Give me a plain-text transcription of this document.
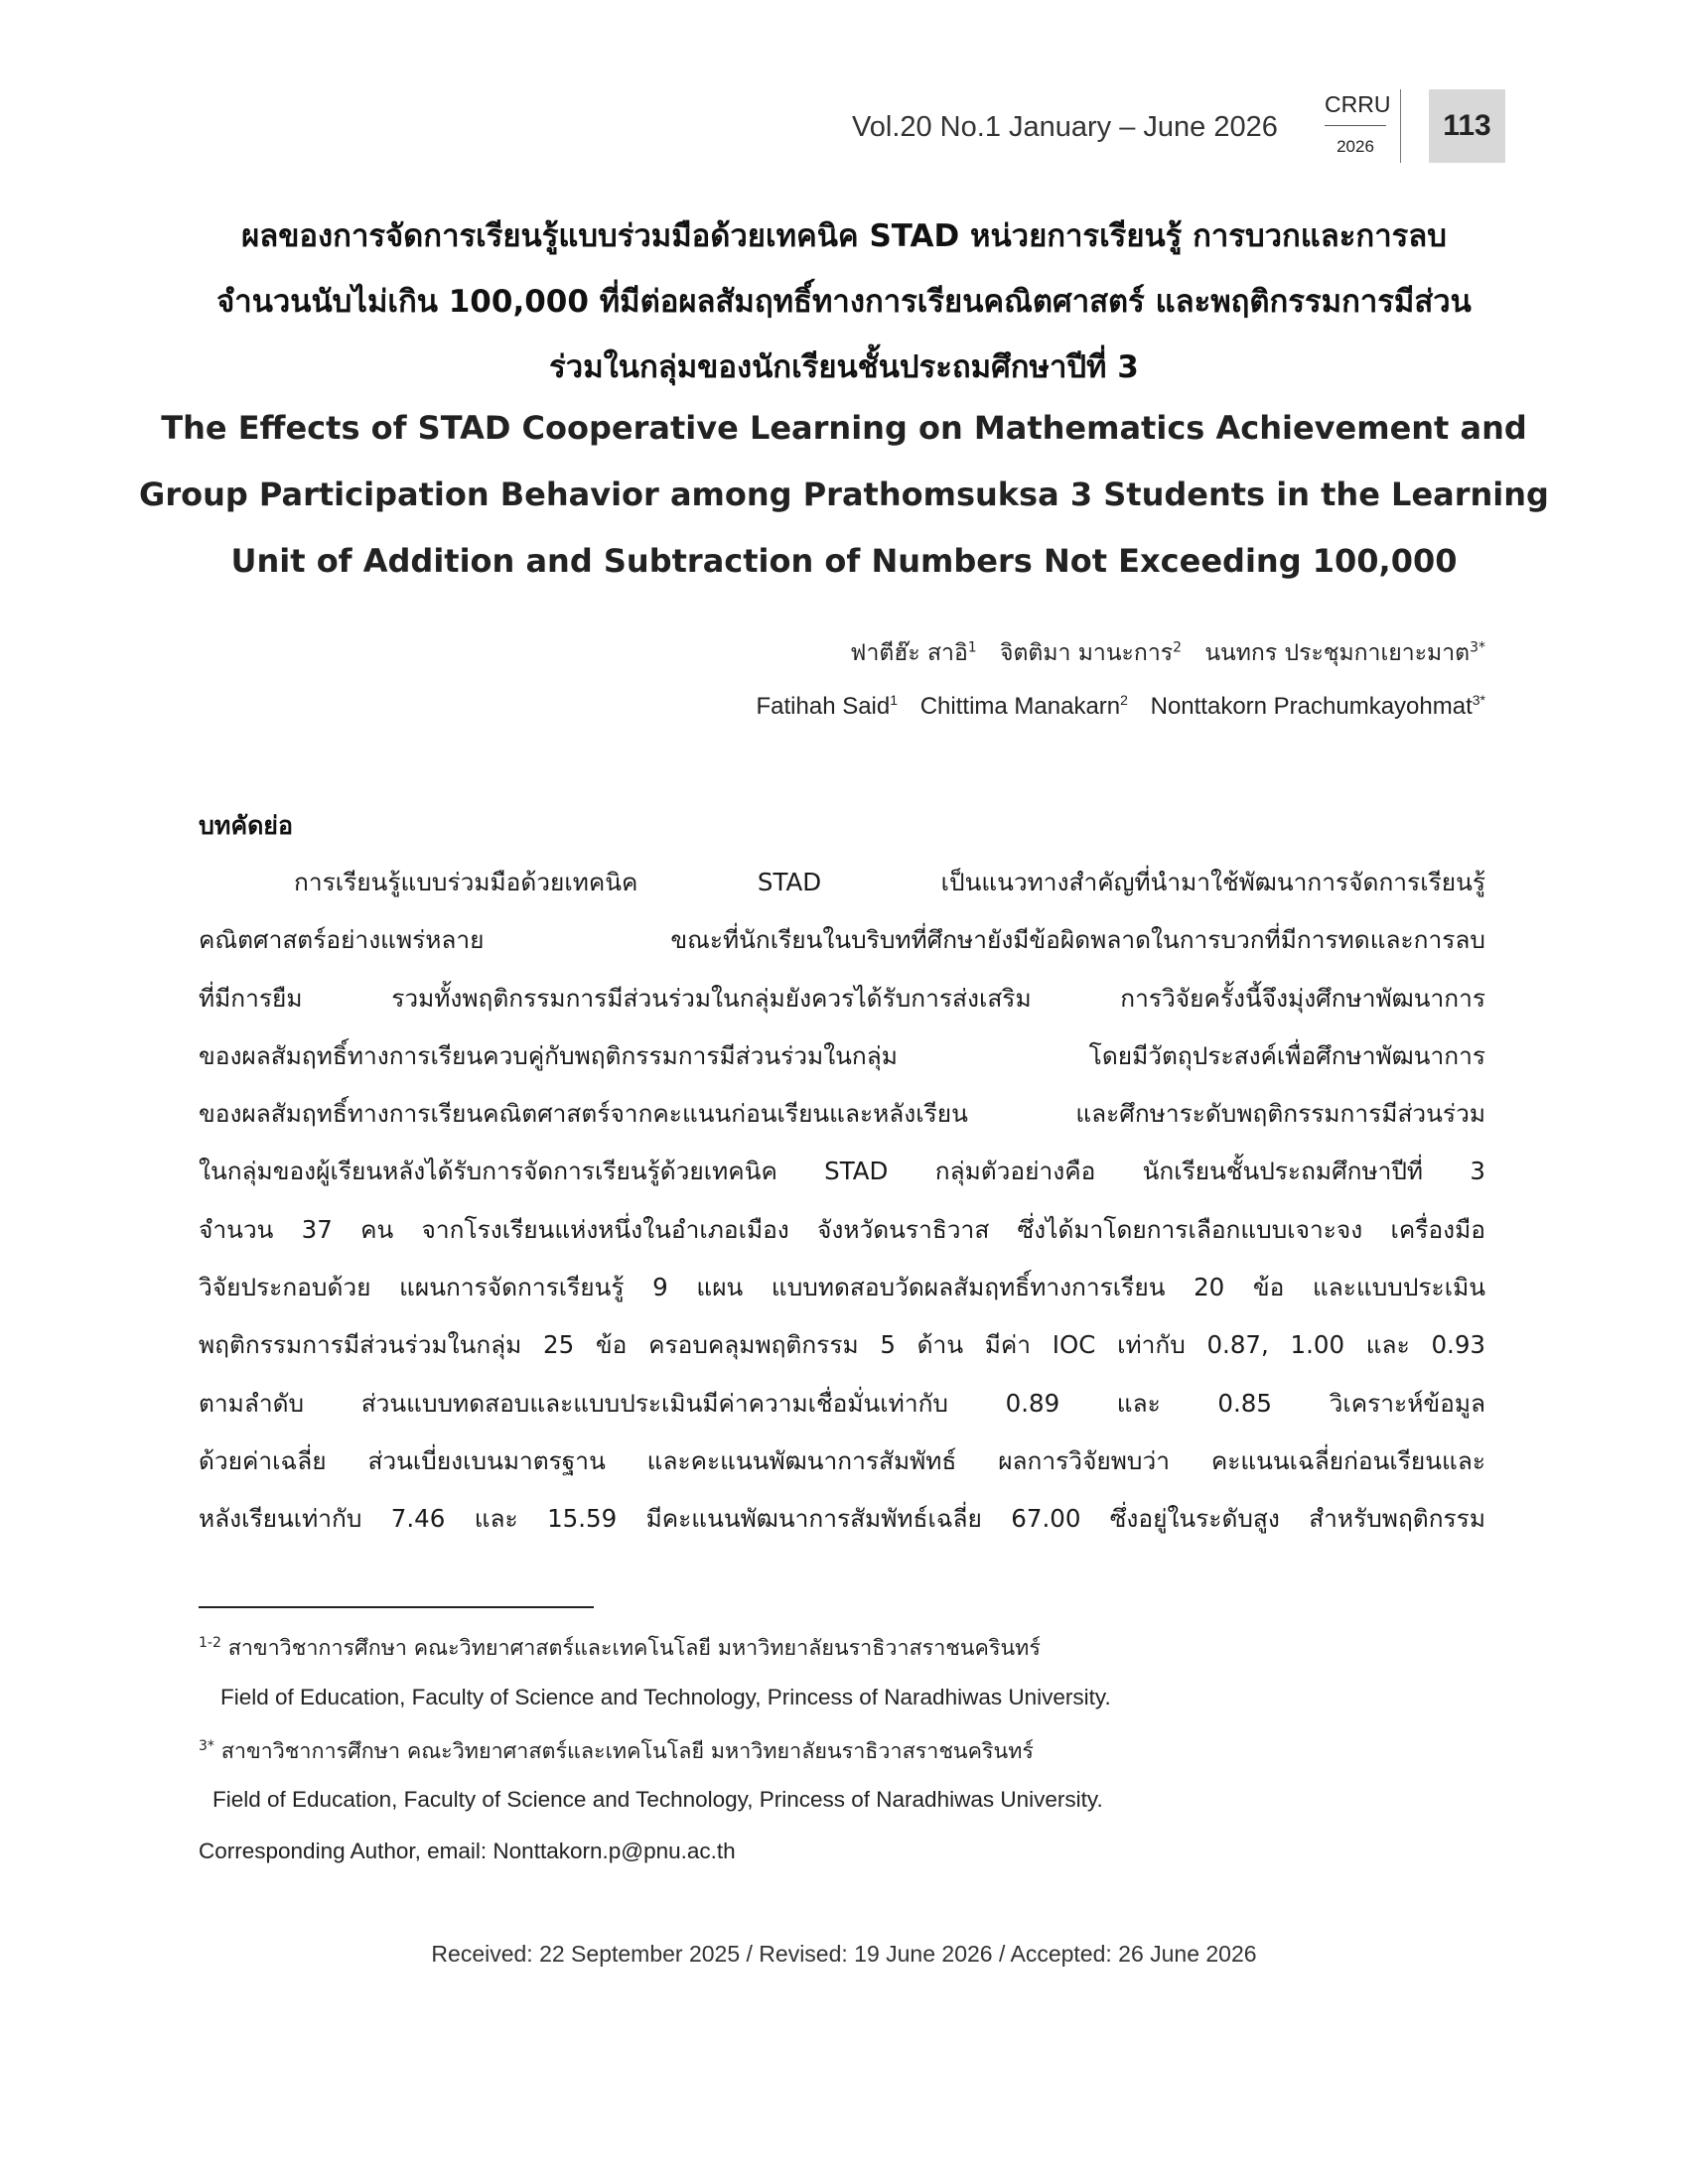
Vol.20 No.1 January – June 2026
CRRU
2026
113
ผลของการจัดการเรียนรู้แบบร่วมมือด้วยเทคนิค STAD หน่วยการเรียนรู้ การบวกและการลบ
จำนวนนับไม่เกิน 100,000 ที่มีต่อผลสัมฤทธิ์ทางการเรียนคณิตศาสตร์ และพฤติกรรมการมีส่วน
ร่วมในกลุ่มของนักเรียนชั้นประถมศึกษาปีที่ 3
The Effects of STAD Cooperative Learning on Mathematics Achievement and
Group Participation Behavior among Prathomsuksa 3 Students in the Learning
Unit of Addition and Subtraction of Numbers Not Exceeding 100,000
ฟาตีฮ๊ะ สาอิ$^1$ จิตติมา มานะการ$^2$ นนทกร ประชุมกาเยาะมาต$^{3*}$
Fatihah Said$^1$ Chittima Manakarn$^2$ Nonttakorn Prachumkayohmat$^{3*}$
บทคัดย่อ
การเรียนรู้แบบร่วมมือด้วยเทคนิค STAD เป็นแนวทางสำคัญที่นำมาใช้พัฒนาการจัดการเรียนรู้
คณิตศาสตร์อย่างแพร่หลาย ขณะที่นักเรียนในบริบทที่ศึกษายังมีข้อผิดพลาดในการบวกที่มีการทดและการลบ
ที่มีการยืม รวมทั้งพฤติกรรมการมีส่วนร่วมในกลุ่มยังควรได้รับการส่งเสริม การวิจัยครั้งนี้จึงมุ่งศึกษาพัฒนาการ
ของผลสัมฤทธิ์ทางการเรียนควบคู่กับพฤติกรรมการมีส่วนร่วมในกลุ่ม โดยมีวัตถุประสงค์เพื่อศึกษาพัฒนาการ
ของผลสัมฤทธิ์ทางการเรียนคณิตศาสตร์จากคะแนนก่อนเรียนและหลังเรียน และศึกษาระดับพฤติกรรมการมีส่วนร่วม
ในกลุ่มของผู้เรียนหลังได้รับการจัดการเรียนรู้ด้วยเทคนิค STAD กลุ่มตัวอย่างคือ นักเรียนชั้นประถมศึกษาปีที่ 3
จำนวน 37 คน จากโรงเรียนแห่งหนึ่งในอำเภอเมือง จังหวัดนราธิวาส ซึ่งได้มาโดยการเลือกแบบเจาะจง เครื่องมือ
วิจัยประกอบด้วย แผนการจัดการเรียนรู้ 9 แผน แบบทดสอบวัดผลสัมฤทธิ์ทางการเรียน 20 ข้อ และแบบประเมิน
พฤติกรรมการมีส่วนร่วมในกลุ่ม 25 ข้อ ครอบคลุมพฤติกรรม 5 ด้าน มีค่า IOC เท่ากับ 0.87, 1.00 และ 0.93
ตามลำดับ ส่วนแบบทดสอบและแบบประเมินมีค่าความเชื่อมั่นเท่ากับ 0.89 และ 0.85 วิเคราะห์ข้อมูล
ด้วยค่าเฉลี่ย ส่วนเบี่ยงเบนมาตรฐาน และคะแนนพัฒนาการสัมพัทธ์ ผลการวิจัยพบว่า คะแนนเฉลี่ยก่อนเรียนและ
หลังเรียนเท่ากับ 7.46 และ 15.59 มีคะแนนพัฒนาการสัมพัทธ์เฉลี่ย 67.00 ซึ่งอยู่ในระดับสูง สำหรับพฤติกรรม
$^{1-2}$ สาขาวิชาการศึกษา คณะวิทยาศาสตร์และเทคโนโลยี มหาวิทยาลัยนราธิวาสราชนครินทร์
Field of Education, Faculty of Science and Technology, Princess of Naradhiwas University.
$^{3*}$ สาขาวิชาการศึกษา คณะวิทยาศาสตร์และเทคโนโลยี มหาวิทยาลัยนราธิวาสราชนครินทร์
Field of Education, Faculty of Science and Technology, Princess of Naradhiwas University.
Corresponding Author, email: Nonttakorn.p@pnu.ac.th
Received: 22 September 2025 / Revised: 19 June 2026 / Accepted: 26 June 2026
